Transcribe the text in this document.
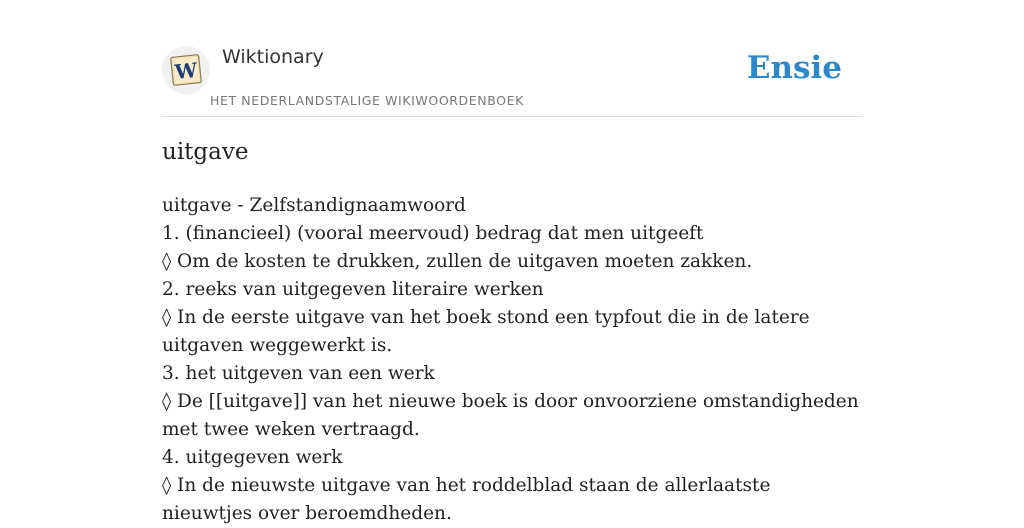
W
Wiktionary
HET NEDERLANDSTALIGE WIKIWOORDENBOEK
Ensie
uitgave
uitgave - Zelfstandignaamwoord
1. (financieel) (vooral meervoud) bedrag dat men uitgeeft
◊ Om de kosten te drukken, zullen de uitgaven moeten zakken.
2. reeks van uitgegeven literaire werken
◊ In de eerste uitgave van het boek stond een typfout die in de latere uitgaven weggewerkt is.
3. het uitgeven van een werk
◊ De [[uitgave]] van het nieuwe boek is door onvoorziene omstandigheden met twee weken vertraagd.
4. uitgegeven werk
◊ In de nieuwste uitgave van het roddelblad staan de allerlaatste nieuwtjes over beroemdheden.
